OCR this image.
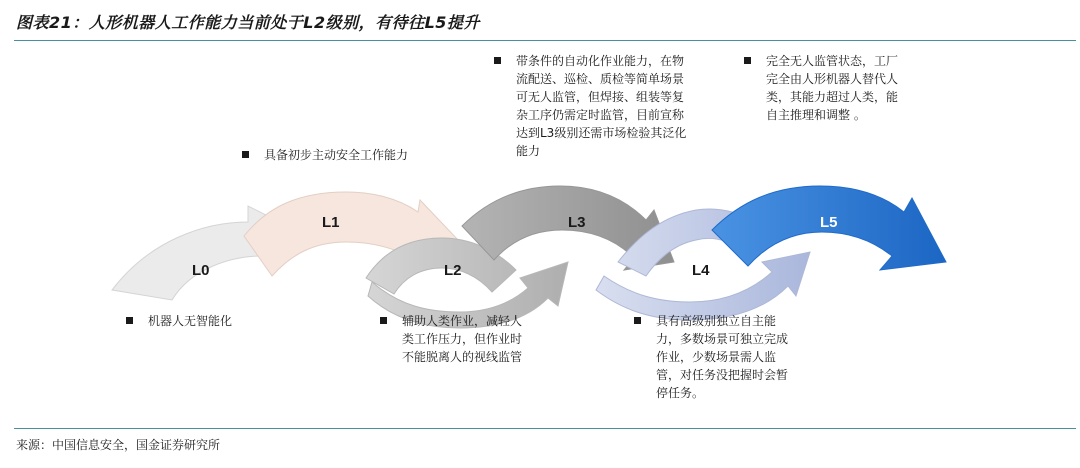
图表21：人形机器人工作能力当前处于L2级别，有待往L5提升
L0
L1
L2
L3
L4
L5
机器人无智能化
具备初步主动安全工作能力
辅助人类作业，减轻人类工作压力，但作业时不能脱离人的视线监管
带条件的自动化作业能力，在物流配送、巡检、质检等简单场景可无人监管，但焊接、组装等复杂工序仍需定时监管，目前宣称达到L3级别还需市场检验其泛化能力
具有高级别独立自主能力，多数场景可独立完成作业，少数场景需人监管，对任务没把握时会暂停任务。
完全无人监管状态，工厂完全由人形机器人替代人类，其能力超过人类，能自主推理和调整 。
来源：中国信息安全，国金证券研究所
